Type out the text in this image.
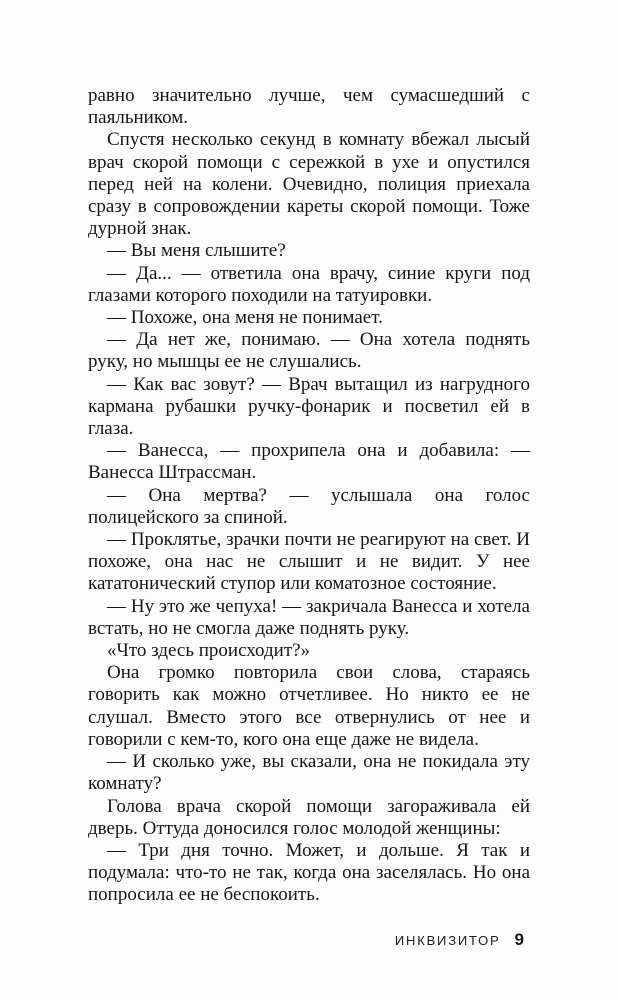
равно значительно лучше, чем сумасшедший с паяльником.

Спустя несколько секунд в комнату вбежал лысый врач скорой помощи с сережкой в ухе и опустился перед ней на колени. Очевидно, полиция приехала сразу в сопровождении кареты скорой помощи. Тоже дурной знак.

— Вы меня слышите?

— Да... — ответила она врачу, синие круги под глазами которого походили на татуировки.

— Похоже, она меня не понимает.

— Да нет же, понимаю. — Она хотела поднять руку, но мышцы ее не слушались.

— Как вас зовут? — Врач вытащил из нагрудного кармана рубашки ручку-фонарик и посветил ей в глаза.

— Ванесса, — прохрипела она и добавила: — Ванесса Штрассман.

— Она мертва? — услышала она голос полицейского за спиной.

— Проклятье, зрачки почти не реагируют на свет. И похоже, она нас не слышит и не видит. У нее кататонический ступор или коматозное состояние.

— Ну это же чепуха! — закричала Ванесса и хотела встать, но не смогла даже поднять руку.

«Что здесь происходит?»

Она громко повторила свои слова, стараясь говорить как можно отчетливее. Но никто ее не слушал. Вместо этого все отвернулись от нее и говорили с кем-то, кого она еще даже не видела.

— И сколько уже, вы сказали, она не покидала эту комнату?

Голова врача скорой помощи загораживала ей дверь. Оттуда доносился голос молодой женщины:

— Три дня точно. Может, и дольше. Я так и подумала: что-то не так, когда она заселялась. Но она попросила ее не беспокоить.

ИНКВИЗИТОР 9
